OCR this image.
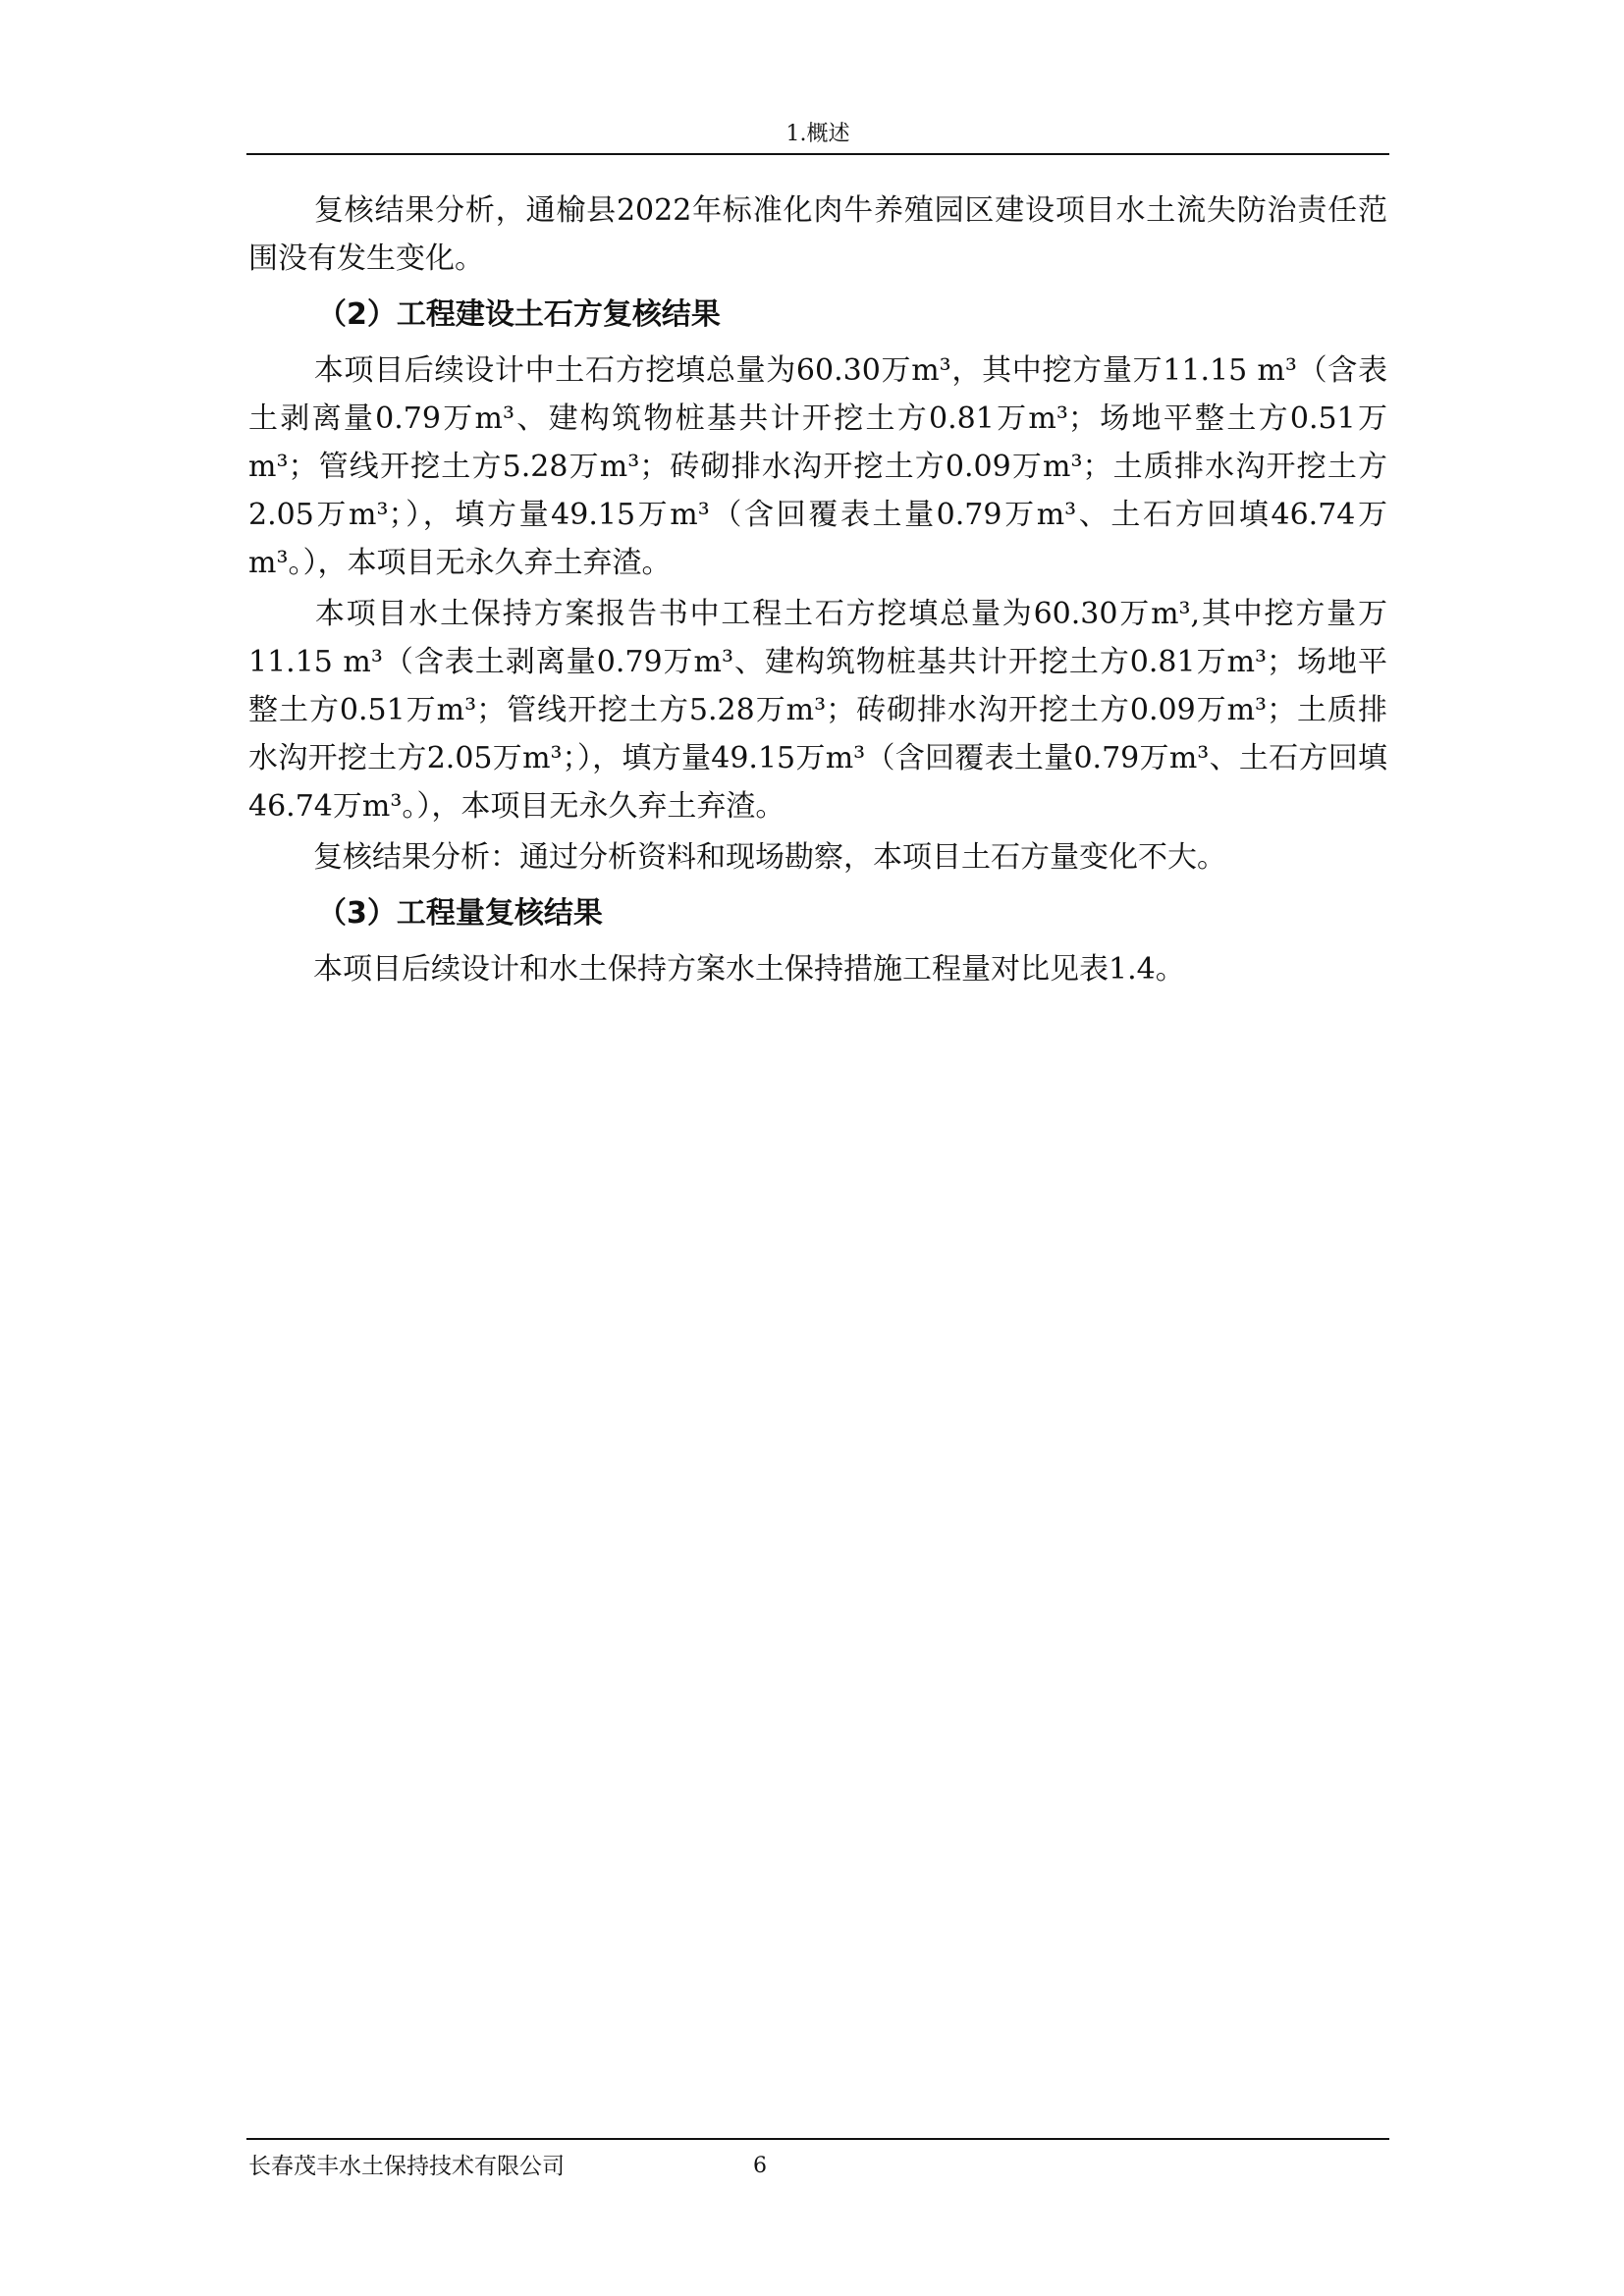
1.概述

复核结果分析，通榆县2022年标准化肉牛养殖园区建设项目水土流失防治责任范围没有发生变化。

（2）工程建设土石方复核结果

本项目后续设计中土石方挖填总量为60.30万m³，其中挖方量万11.15 m³（含表土剥离量0.79万m³、建构筑物桩基共计开挖土方0.81万m³；场地平整土方0.51万m³；管线开挖土方5.28万m³；砖砌排水沟开挖土方0.09万m³；土质排水沟开挖土方2.05万m³；），填方量49.15万m³（含回覆表土量0.79万m³、土石方回填46.74万m³。），本项目无永久弃土弃渣。

本项目水土保持方案报告书中工程土石方挖填总量为60.30万m³,其中挖方量万11.15 m³（含表土剥离量0.79万m³、建构筑物桩基共计开挖土方0.81万m³；场地平整土方0.51万m³；管线开挖土方5.28万m³；砖砌排水沟开挖土方0.09万m³；土质排水沟开挖土方2.05万m³；），填方量49.15万m³（含回覆表土量0.79万m³、土石方回填46.74万m³。），本项目无永久弃土弃渣。

复核结果分析：通过分析资料和现场勘察，本项目土石方量变化不大。

（3）工程量复核结果

本项目后续设计和水土保持方案水土保持措施工程量对比见表1.4。

长春茂丰水土保持技术有限公司	6
